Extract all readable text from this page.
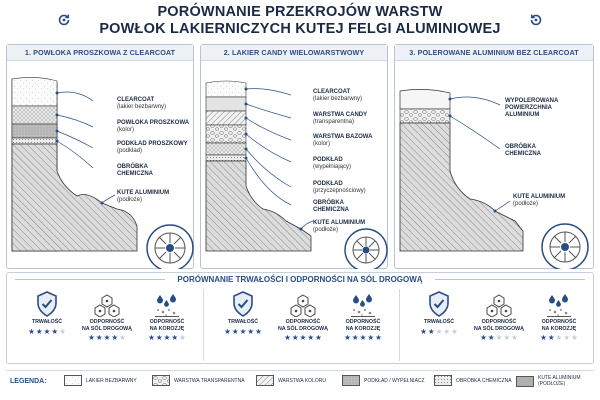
PORÓWNANIE PRZEKROJÓW WARSTW
POWŁOK LAKIERNICZYCH KUTEJ FELGI ALUMINIOWEJ
1. POWŁOKA PROSZKOWA Z CLEARCOAT
CLEARCOAT
(lakier bezbarwny)
POWŁOKA PROSZKOWA
(kolor)
PODKŁAD PROSZKOWY
(podkład)
OBRÓBKA
CHEMICZNA
KUTE ALUMINIUM
(podłoże)
2. LAKIER CANDY WIELOWARSTWOWY
CLEARCOAT
(lakier bezbarwny)
WARSTWA CANDY
(transparentna)
WARSTWA BAZOWA
(kolor)
PODKŁAD
(wypełniający)
PODKŁAD
(przyczepnościowy)
OBRÓBKA
CHEMICZNA
KUTE ALUMINIUM
(podłoże)
3. POLEROWANE ALUMINIUM BEZ CLEARCOAT
WYPOLEROWANA
POWIERZCHNIA
ALUMINIUM
OBRÓBKA
CHEMICZNA
KUTE ALUMINIUM
(podłoże)
PORÓWNANIE TRWAŁOŚCI I ODPORNOŚCI NA SÓL DROGOWĄ
TRWAŁOŚĆ
★ ★ ★ ★ ★
ODPORNOŚĆ
NA SÓL DROGOWĄ
★ ★ ★ ★ ★
ODPORNOŚĆ
NA KOROZJĘ
★ ★ ★ ★ ★
TRWAŁOŚĆ
★ ★ ★ ★ ★
ODPORNOŚĆ
NA SÓL DROGOWĄ
★ ★ ★ ★ ★
ODPORNOŚĆ
NA KOROZJĘ
★ ★ ★ ★ ★
TRWAŁOŚĆ
★ ★ ★ ★ ★
ODPORNOŚĆ
NA SÓL DROGOWĄ
★ ★ ★ ★ ★
ODPORNOŚĆ
NA KOROZJĘ
★ ★ ★ ★ ★
LEGENDA:	LAKIER BEZBARWNY	WARSTWA TRANSPARENTNA	WARSTWA KOLORU	PODKŁAD / WYPEŁNIACZ	OBRÓBKA CHEMICZNA	KUTE ALUMINIUM
(PODŁOŻE)
